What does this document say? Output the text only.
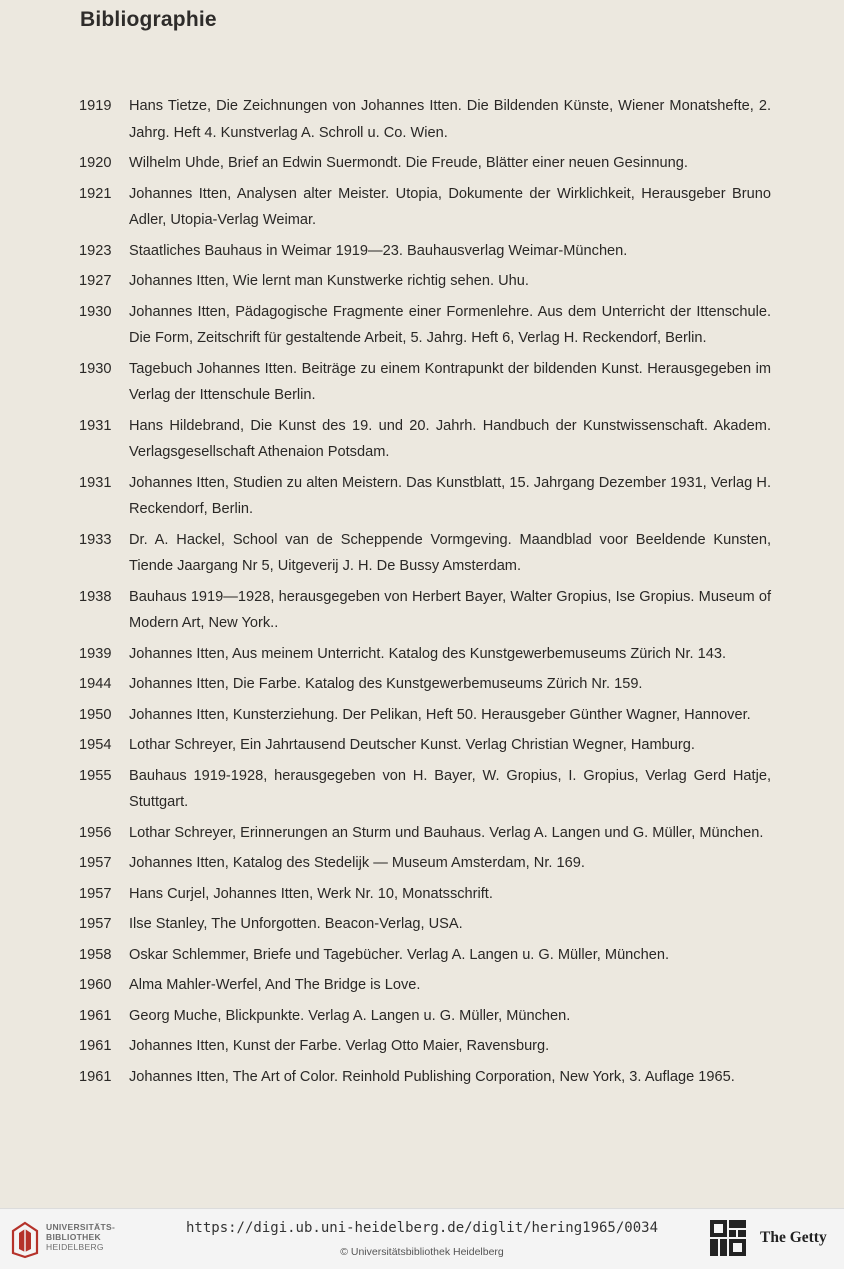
Bibliographie
1919	Hans Tietze, Die Zeichnungen von Johannes Itten. Die Bildenden Künste, Wiener Monatshefte, 2. Jahrg. Heft 4. Kunstverlag A. Schroll u. Co. Wien.
1920	Wilhelm Uhde, Brief an Edwin Suermondt. Die Freude, Blätter einer neuen Gesinnung.
1921	Johannes Itten, Analysen alter Meister. Utopia, Dokumente der Wirklichkeit, Herausgeber Bruno Adler, Utopia-Verlag Weimar.
1923	Staatliches Bauhaus in Weimar 1919—23. Bauhausverlag Weimar-München.
1927	Johannes Itten, Wie lernt man Kunstwerke richtig sehen. Uhu.
1930	Johannes Itten, Pädagogische Fragmente einer Formenlehre. Aus dem Unterricht der Ittenschule. Die Form, Zeitschrift für gestaltende Arbeit, 5. Jahrg. Heft 6, Verlag H. Reckendorf, Berlin.
1930	Tagebuch Johannes Itten. Beiträge zu einem Kontrapunkt der bildenden Kunst. Herausgegeben im Verlag der Ittenschule Berlin.
1931	Hans Hildebrand, Die Kunst des 19. und 20. Jahrh. Handbuch der Kunstwissenschaft. Akadem. Verlagsgesellschaft Athenaion Potsdam.
1931	Johannes Itten, Studien zu alten Meistern. Das Kunstblatt, 15. Jahrgang Dezember 1931, Verlag H. Reckendorf, Berlin.
1933	Dr. A. Hackel, School van de Scheppende Vormgeving. Maandblad voor Beeldende Kunsten, Tiende Jaargang Nr 5, Uitgeverij J. H. De Bussy Amsterdam.
1938	Bauhaus 1919—1928, herausgegeben von Herbert Bayer, Walter Gropius, Ise Gropius. Museum of Modern Art, New York..
1939	Johannes Itten, Aus meinem Unterricht. Katalog des Kunstgewerbemuseums Zürich Nr. 143.
1944	Johannes Itten, Die Farbe. Katalog des Kunstgewerbemuseums Zürich Nr. 159.
1950	Johannes Itten, Kunsterziehung. Der Pelikan, Heft 50. Herausgeber Günther Wagner, Hannover.
1954	Lothar Schreyer, Ein Jahrtausend Deutscher Kunst. Verlag Christian Wegner, Hamburg.
1955	Bauhaus 1919-1928, herausgegeben von H. Bayer, W. Gropius, I. Gropius, Verlag Gerd Hatje, Stuttgart.
1956	Lothar Schreyer, Erinnerungen an Sturm und Bauhaus. Verlag A. Langen und G. Müller, München.
1957	Johannes Itten, Katalog des Stedelijk — Museum Amsterdam, Nr. 169.
1957	Hans Curjel, Johannes Itten, Werk Nr. 10, Monatsschrift.
1957	Ilse Stanley, The Unforgotten. Beacon-Verlag, USA.
1958	Oskar Schlemmer, Briefe und Tagebücher. Verlag A. Langen u. G. Müller, München.
1960	Alma Mahler-Werfel, And The Bridge is Love.
1961	Georg Muche, Blickpunkte. Verlag A. Langen u. G. Müller, München.
1961	Johannes Itten, Kunst der Farbe. Verlag Otto Maier, Ravensburg.
1961	Johannes Itten, The Art of Color. Reinhold Publishing Corporation, New York, 3. Auflage 1965.
UNIVERSITÄTS-
BIBLIOTHEK
HEIDELBERG
https://digi.ub.uni-heidelberg.de/diglit/hering1965/0034
© Universitätsbibliothek Heidelberg
The Getty
